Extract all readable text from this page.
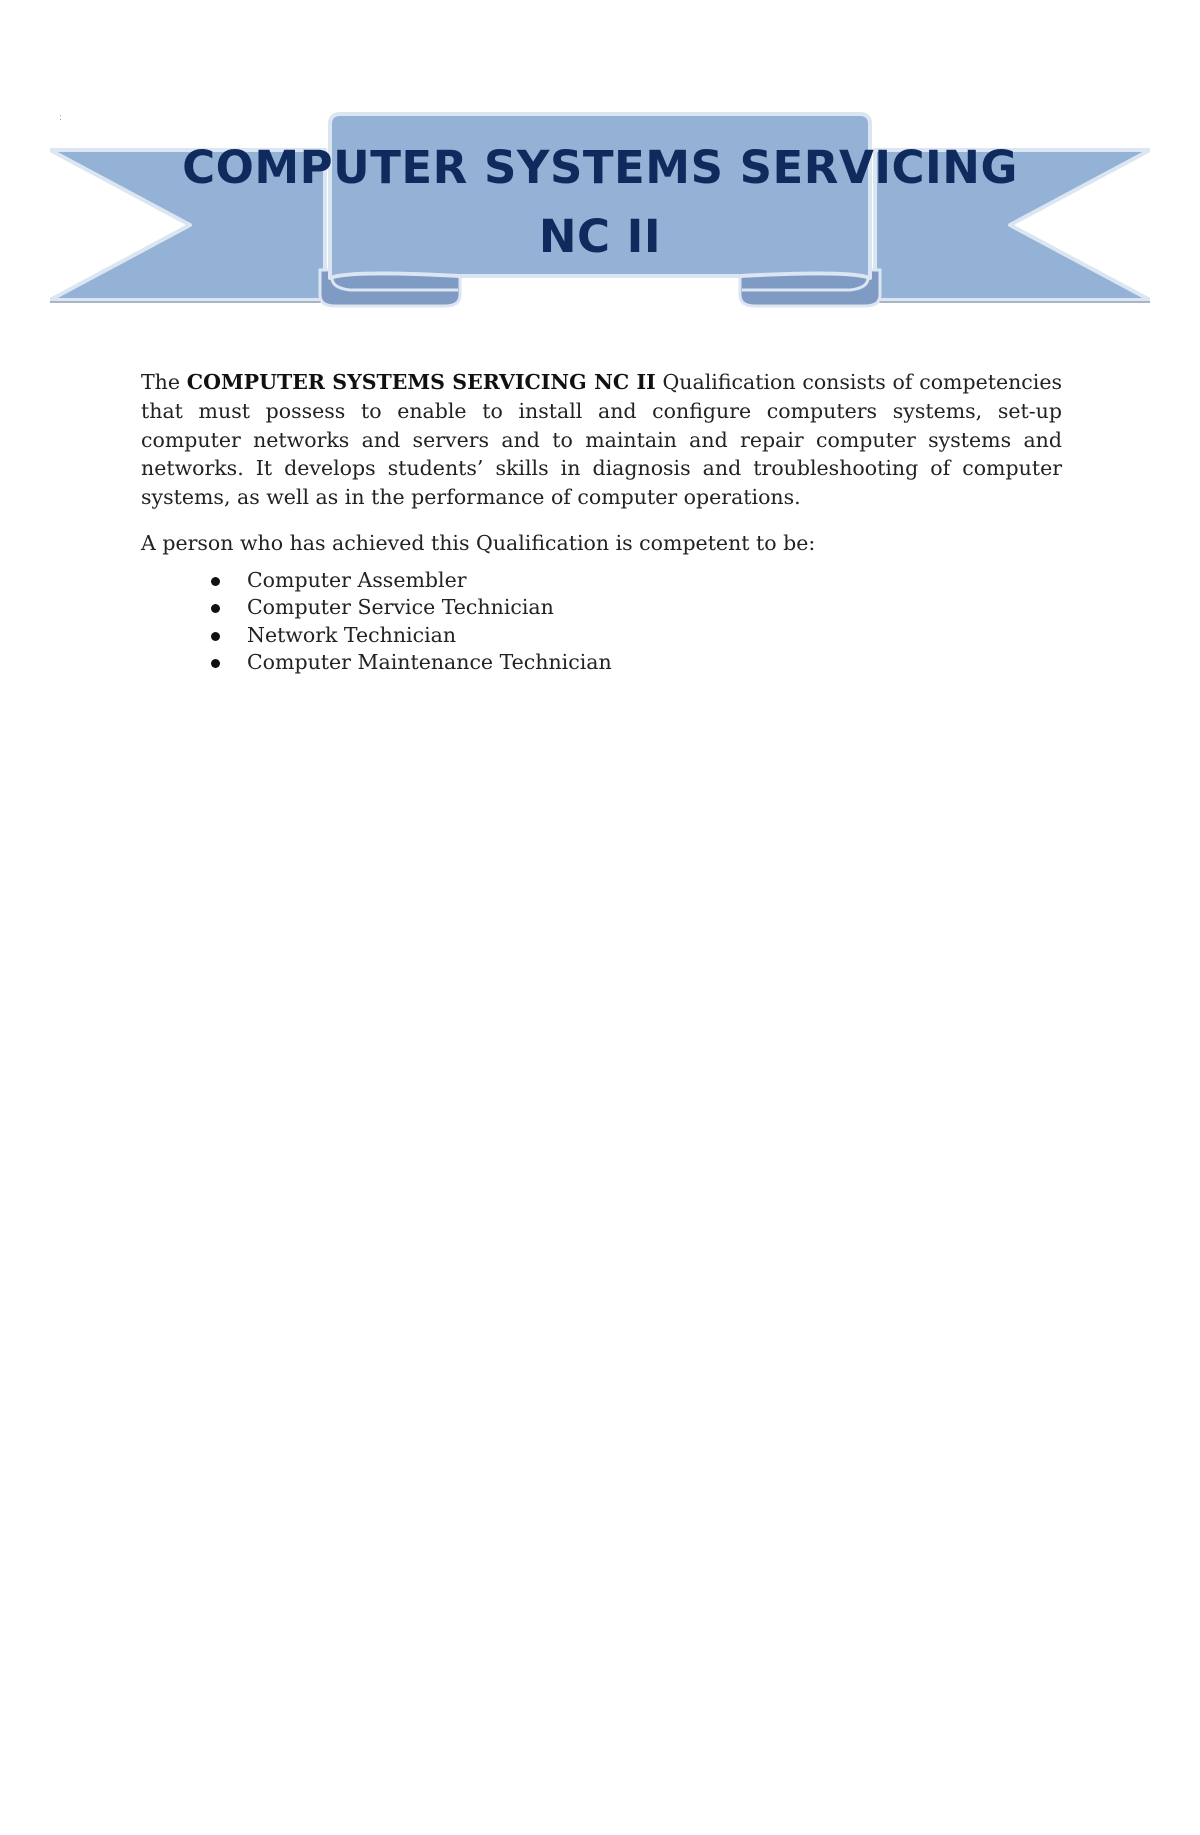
:
COMPUTER SYSTEMS SERVICING
NC II

The COMPUTER SYSTEMS SERVICING NC II Qualification consists of competencies that must possess to enable to install and configure computers systems, set-up computer networks and servers and to maintain and repair computer systems and networks. It develops students’ skills in diagnosis and troubleshooting of computer systems, as well as in the performance of computer operations.

A person who has achieved this Qualification is competent to be:

Computer Assembler
Computer Service Technician
Network Technician
Computer Maintenance Technician
